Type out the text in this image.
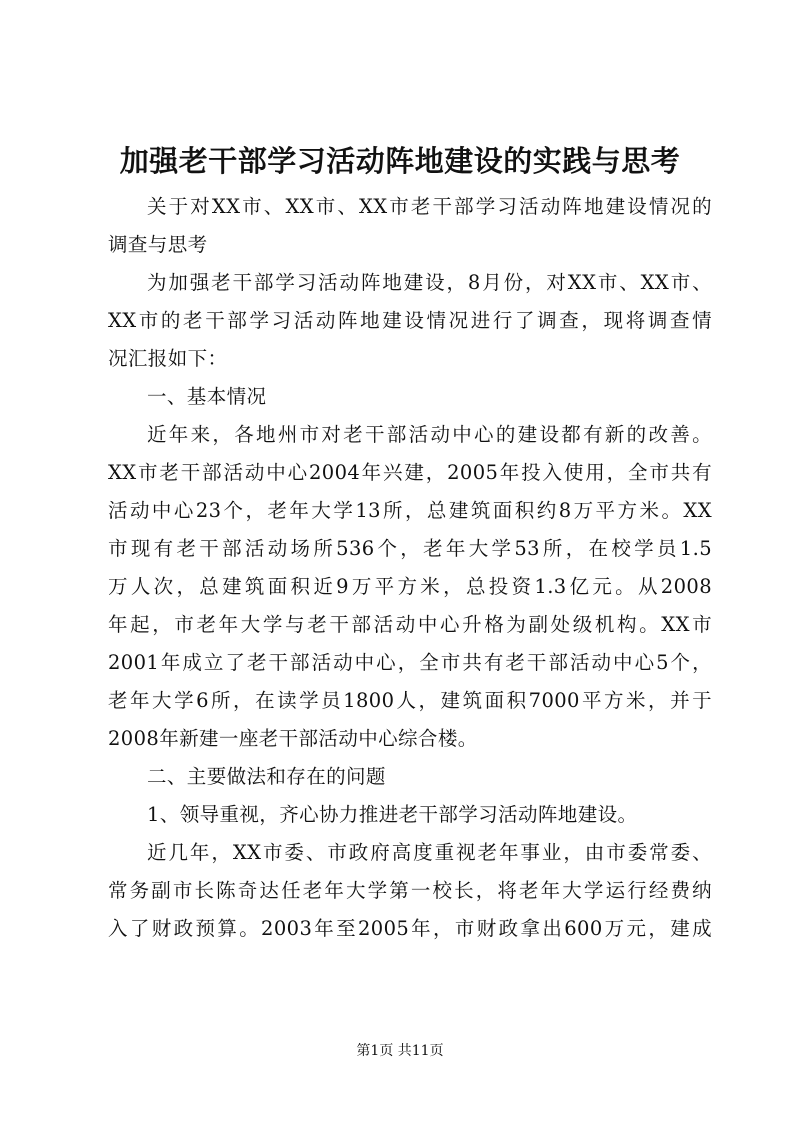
加强老干部学习活动阵地建设的实践与思考
关于对XX市、XX市、XX市老干部学习活动阵地建设情况的
调查与思考
为加强老干部学习活动阵地建设，8月份，对XX市、XX市、
XX市的老干部学习活动阵地建设情况进行了调查，现将调查情
况汇报如下：
一、基本情况
近年来，各地州市对老干部活动中心的建设都有新的改善。
XX市老干部活动中心2004年兴建，2005年投入使用，全市共有
活动中心23个，老年大学13所，总建筑面积约8万平方米。XX
市现有老干部活动场所536个，老年大学53所，在校学员1.5
万人次，总建筑面积近9万平方米，总投资1.3亿元。从2008
年起，市老年大学与老干部活动中心升格为副处级机构。XX市
2001年成立了老干部活动中心，全市共有老干部活动中心5个，
老年大学6所，在读学员1800人，建筑面积7000平方米，并于
2008年新建一座老干部活动中心综合楼。
二、主要做法和存在的问题
1、领导重视，齐心协力推进老干部学习活动阵地建设。
近几年，XX市委、市政府高度重视老年事业，由市委常委、
常务副市长陈奇达任老年大学第一校长，将老年大学运行经费纳
入了财政预算。2003年至2005年，市财政拿出600万元，建成
第1页 共11页
